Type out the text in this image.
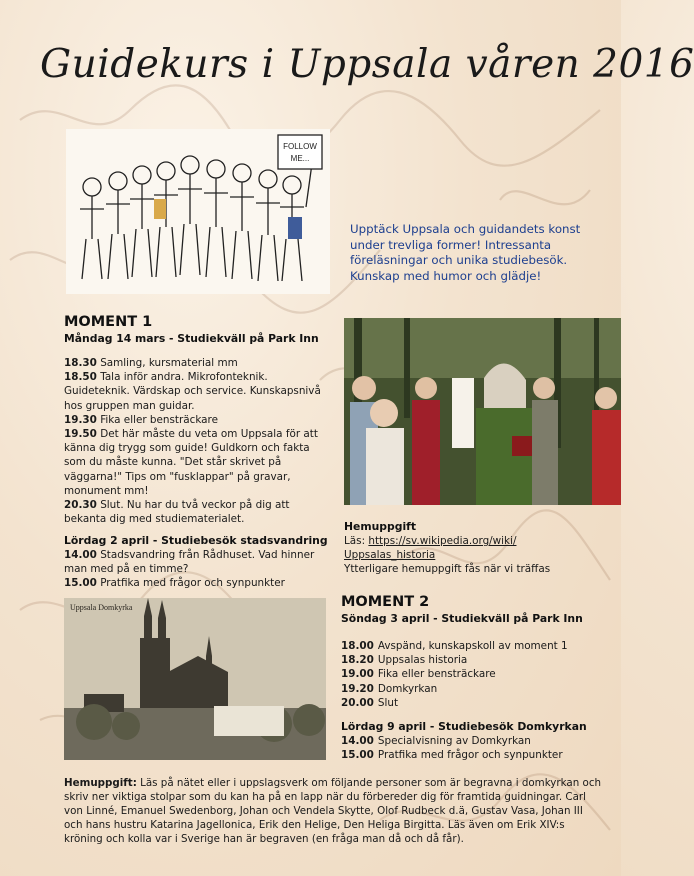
Guidekurs i Uppsala våren 2016
FOLLOW
ME...
Upptäck Uppsala och guidandets konst under trevliga former! Intressanta föreläsningar och unika studiebesök. Kunskap med humor och glädje!
MOMENT 1
Måndag 14 mars - Studiekväll på Park Inn
18.30 Samling, kursmaterial mm
18.50 Tala inför andra. Mikrofonteknik. Guideteknik. Värdskap och service. Kunskapsnivå hos gruppen man guidar.
19.30 Fika eller bensträckare
19.50 Det här måste du veta om Uppsala för att känna dig trygg som guide! Guldkorn och fakta som du måste kunna. "Det står skrivet på väggarna!" Tips om "fusklappar" på gravar, monument mm!
20.30 Slut. Nu har du två veckor på dig att bekanta dig med studiematerialet.
Lördag 2 april - Studiebesök stadsvandring
14.00 Stadsvandring från Rådhuset. Vad hinner man med på en timme?
15.00 Pratfika med frågor och synpunkter
Hemuppgift
Läs: https://sv.wikipedia.org/wiki/
Uppsalas_historia
Ytterligare hemuppgift fås när vi träffas
Uppsala Domkyrka	MOMENT 2
Söndag 3 april - Studiekväll på Park Inn
18.00 Avspänd, kunskapskoll av moment 1
18.20 Uppsalas historia
19.00 Fika eller bensträckare
19.20 Domkyrkan
20.00 Slut
Lördag 9 april - Studiebesök Domkyrkan
14.00 Specialvisning av Domkyrkan
15.00 Pratfika med frågor och synpunkter
Hemuppgift: Läs på nätet eller i uppslagsverk om följande personer som är begravna i domkyrkan och skriv ner viktiga stolpar som du kan ha på en lapp när du förbereder dig för framtida guidningar. Carl von Linné, Emanuel Swedenborg, Johan och Vendela Skytte, Olof Rudbeck d.ä, Gustav Vasa, Johan III och hans hustru Katarina Jagellonica, Erik den Helige, Den Heliga Birgitta. Läs även om Erik XIV:s kröning och kolla var i Sverige han är begraven (en fråga man då och då får).
